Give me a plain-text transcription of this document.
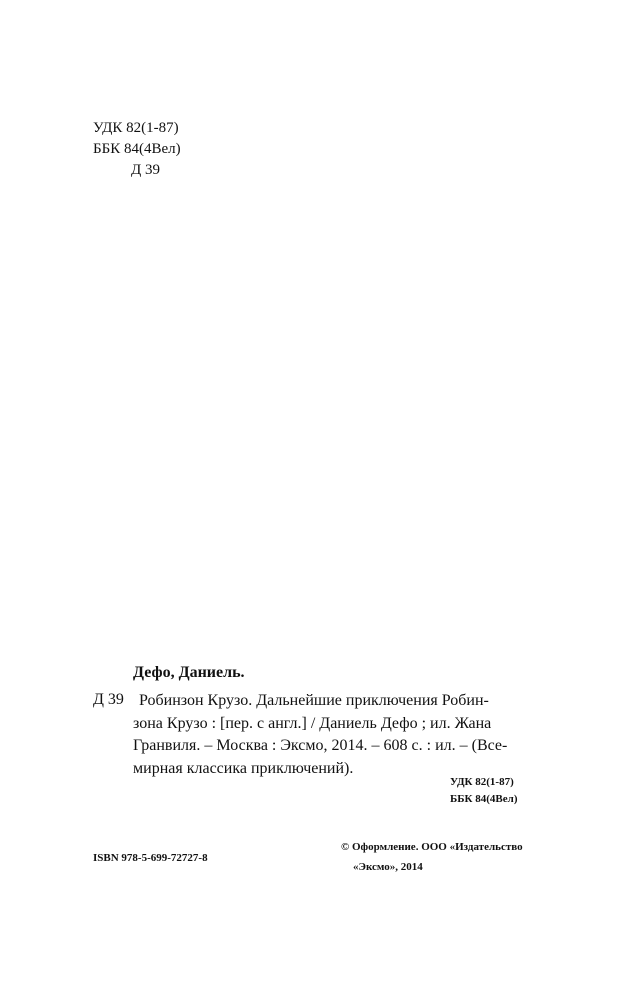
УДК 82(1-87)
ББК 84(4Вел)
Д 39
Дефо, Даниель.
Д 39 Робинзон Крузо. Дальнейшие приключения Робин-
зона Крузо : [пер. с англ.] / Даниель Дефо ; ил. Жана
Гранвиля. – Москва : Эксмо, 2014. – 608 с. : ил. – (Все-
мирная классика приключений).
УДК 82(1-87)
ББК 84(4Вел)
© Оформление. ООО «Издательство
«Эксмо», 2014
ISBN 978-5-699-72727-8
